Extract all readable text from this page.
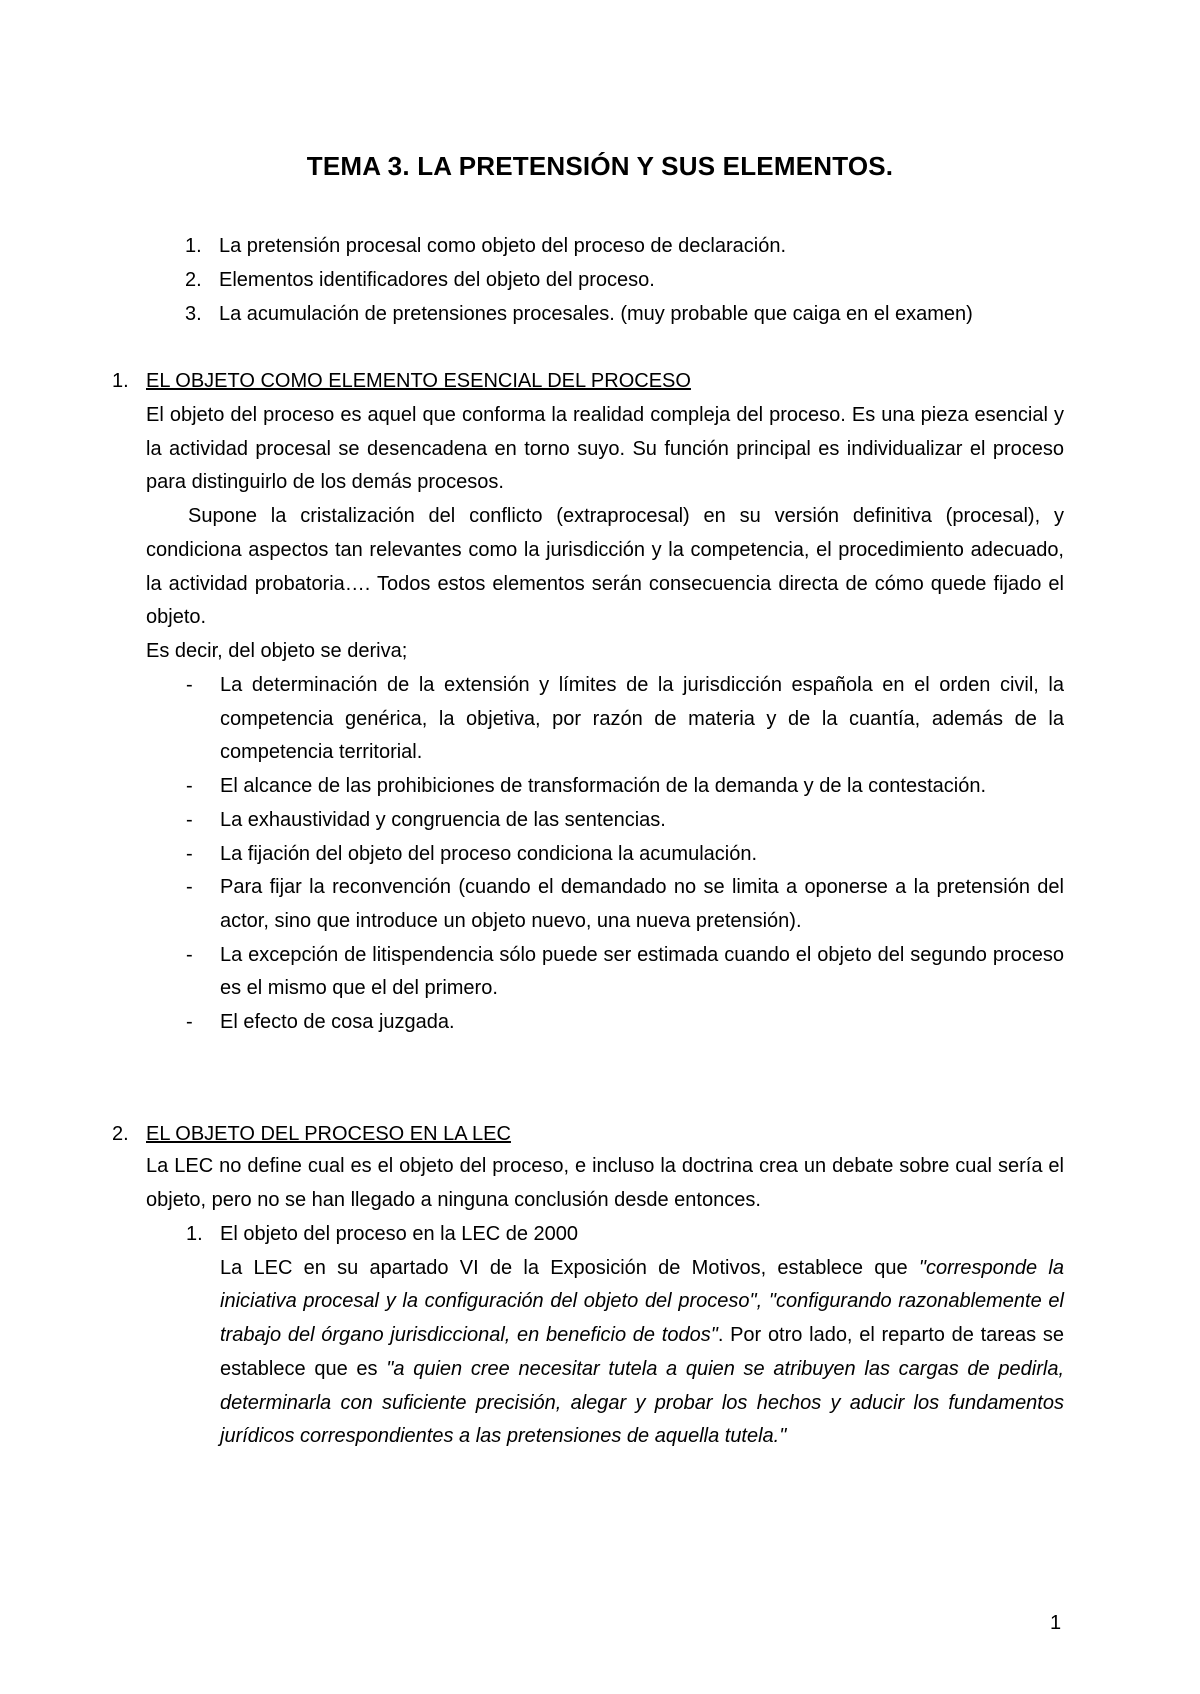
TEMA 3. LA PRETENSIÓN Y SUS ELEMENTOS.
1. La pretensión procesal como objeto del proceso de declaración.
2. Elementos identificadores del objeto del proceso.
3. La acumulación de pretensiones procesales. (muy probable que caiga en el examen)
1. EL OBJETO COMO ELEMENTO ESENCIAL DEL PROCESO

El objeto del proceso es aquel que conforma la realidad compleja del proceso. Es una pieza esencial y la actividad procesal se desencadena en torno suyo. Su función principal es individualizar el proceso para distinguirlo de los demás procesos.

Supone la cristalización del conflicto (extraprocesal) en su versión definitiva (procesal), y condiciona aspectos tan relevantes como la jurisdicción y la competencia, el procedimiento adecuado, la actividad probatoria…. Todos estos elementos serán consecuencia directa de cómo quede fijado el objeto.

Es decir, del objeto se deriva;

- La determinación de la extensión y límites de la jurisdicción española en el orden civil, la competencia genérica, la objetiva, por razón de materia y de la cuantía, además de la competencia territorial.

- El alcance de las prohibiciones de transformación de la demanda y de la contestación.

- La exhaustividad y congruencia de las sentencias.

- La fijación del objeto del proceso condiciona la acumulación.

- Para fijar la reconvención (cuando el demandado no se limita a oponerse a la pretensión del actor, sino que introduce un objeto nuevo, una nueva pretensión).

- La excepción de litispendencia sólo puede ser estimada cuando el objeto del segundo proceso es el mismo que el del primero.

- El efecto de cosa juzgada.

2. EL OBJETO DEL PROCESO EN LA LEC

La LEC no define cual es el objeto del proceso, e incluso la doctrina crea un debate sobre cual sería el objeto, pero no se han llegado a ninguna conclusión desde entonces.

1. El objeto del proceso en la LEC de 2000

La LEC en su apartado VI de la Exposición de Motivos, establece que "corresponde la iniciativa procesal y la configuración del objeto del proceso", "configurando razonablemente el trabajo del órgano jurisdiccional, en beneficio de todos". Por otro lado, el reparto de tareas se establece que es "a quien cree necesitar tutela a quien se atribuyen las cargas de pedirla, determinarla con suficiente precisión, alegar y probar los hechos y aducir los fundamentos jurídicos correspondientes a las pretensiones de aquella tutela."

1
